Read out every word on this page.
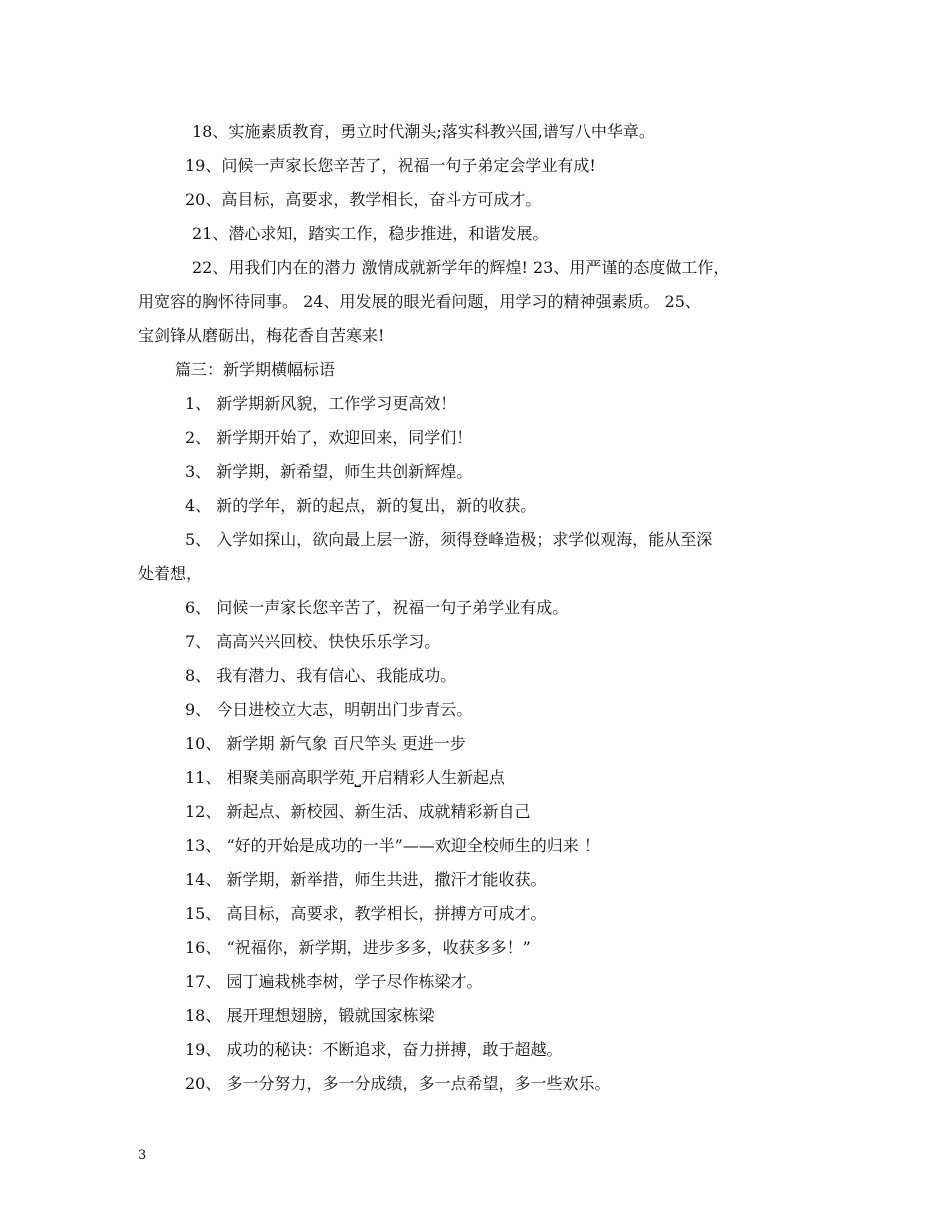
18、实施素质教育，勇立时代潮头;落实科教兴国,谱写八中华章。
19、问候一声家长您辛苦了，祝福一句子弟定会学业有成!
20、高目标，高要求，教学相长，奋斗方可成才。
21、潜心求知，踏实工作，稳步推进，和谐发展。
22、用我们内在的潜力 激情成就新学年的辉煌! 23、用严谨的态度做工作，
用宽容的胸怀待同事。 24、用发展的眼光看问题，用学习的精神强素质。 25、
宝剑锋从磨砺出，梅花香自苦寒来!
篇三：新学期横幅标语
1、 新学期新风貌，工作学习更高效！
2、 新学期开始了，欢迎回来，同学们！
3、 新学期，新希望，师生共创新辉煌。
4、 新的学年，新的起点，新的复出，新的收获。
5、 入学如探山，欲向最上层一游，须得登峰造极；求学似观海，能从至深
处着想，
6、 问候一声家长您辛苦了，祝福一句子弟学业有成。
7、 高高兴兴回校、快快乐乐学习。
8、 我有潜力、我有信心、我能成功。
9、 今日进校立大志，明朝出门步青云。
10、 新学期 新气象 百尺竿头 更进一步
11、 相聚美丽高职学苑⎵开启精彩人生新起点
12、 新起点、新校园、新生活、成就精彩新自己
13、 “好的开始是成功的一半”——欢迎全校师生的归来 ！
14、 新学期，新举措，师生共进，撒汗才能收获。
15、 高目标，高要求，教学相长，拼搏方可成才。
16、 “祝福你，新学期，进步多多，收获多多！”
17、 园丁遍栽桃李树，学子尽作栋梁才。
18、 展开理想翅膀，锻就国家栋梁
19、 成功的秘诀：不断追求，奋力拼搏，敢于超越。
20、 多一分努力，多一分成绩，多一点希望，多一些欢乐。
3
